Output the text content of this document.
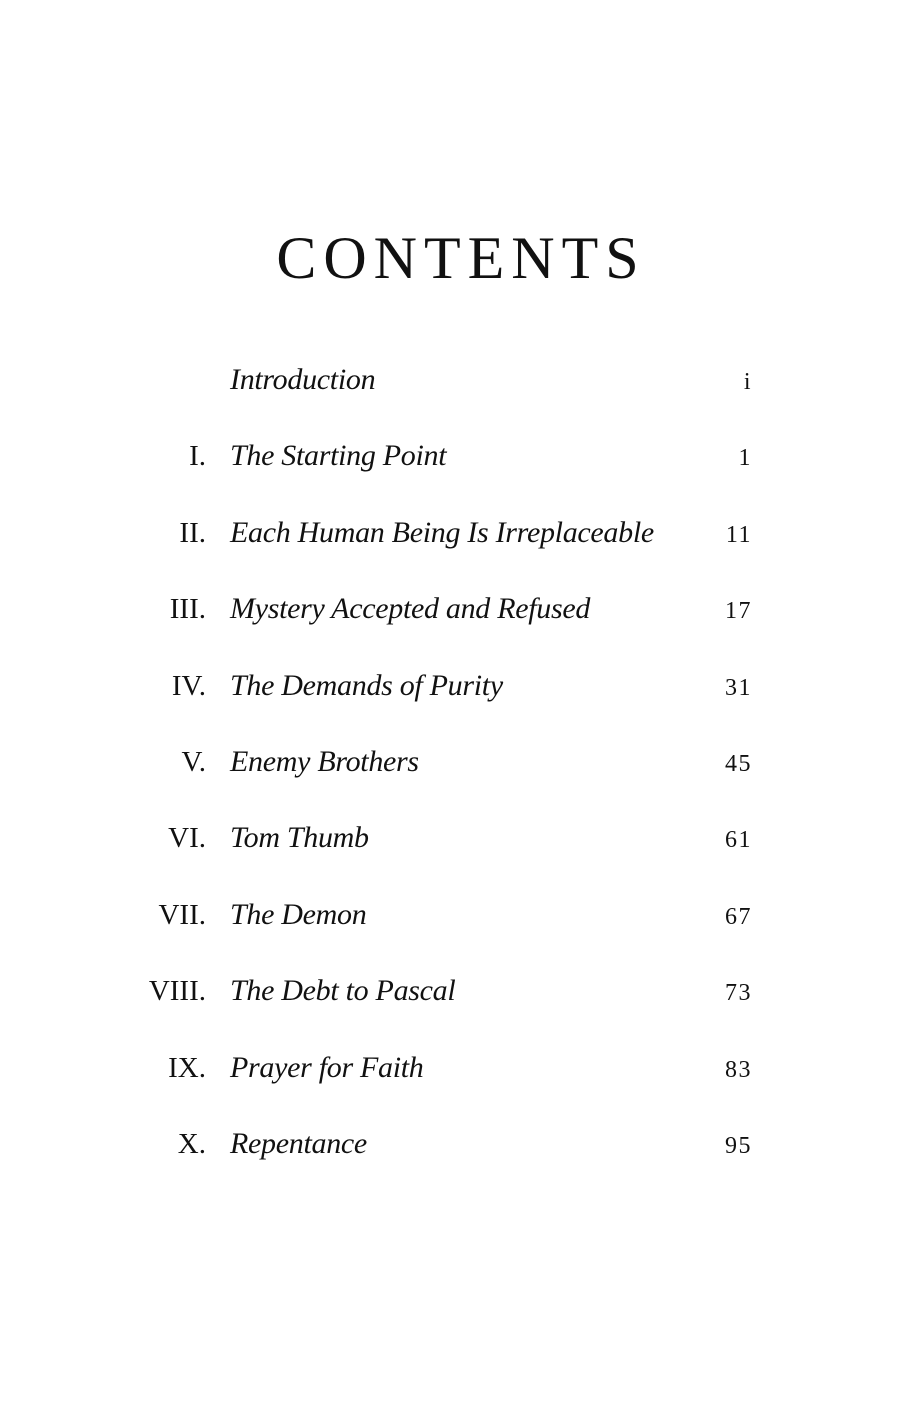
CONTENTS
Introduction	i
I. The Starting Point	1
II. Each Human Being Is Irreplaceable	11
III. Mystery Accepted and Refused	17
IV. The Demands of Purity	31
V. Enemy Brothers	45
VI. Tom Thumb	61
VII. The Demon	67
VIII. The Debt to Pascal	73
IX. Prayer for Faith	83
X. Repentance	95
